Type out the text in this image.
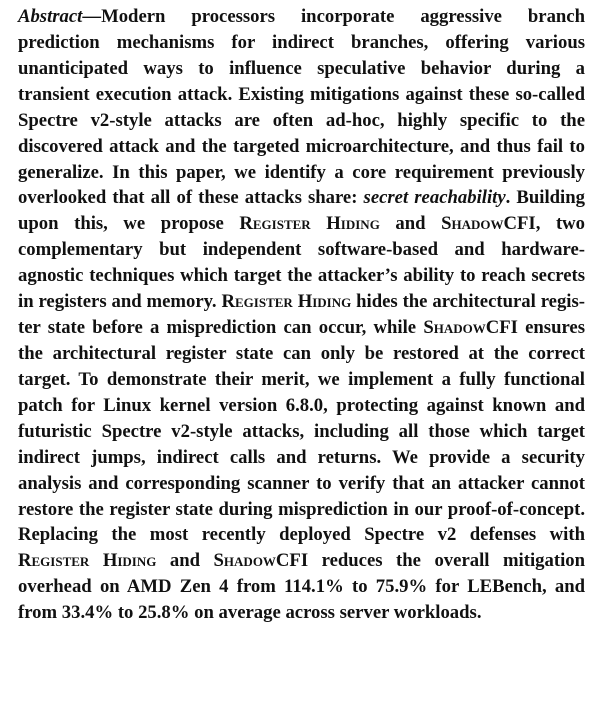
Abstract—Modern processors incorporate aggressive branch prediction mechanisms for indirect branches, offering various unanticipated ways to influence speculative behavior during a transient execution attack. Existing mitigations against these so-called Spectre v2-style attacks are often ad-hoc, highly specific to the discovered attack and the targeted microarchitecture, and thus fail to generalize. In this paper, we identify a core requirement previously overlooked that all of these attacks share: secret reachability. Building upon this, we propose Register Hiding and ShadowCFI, two complementary but independent software-based and hardware-agnostic techniques which target the attacker’s ability to reach secrets in registers and memory. Register Hiding hides the architectural register state before a misprediction can occur, while ShadowCFI ensures the architectural register state can only be restored at the correct target. To demonstrate their merit, we implement a fully functional patch for Linux kernel version 6.8.0, protecting against known and futuristic Spectre v2-style attacks, including all those which target indirect jumps, indirect calls and returns. We provide a security analysis and corresponding scanner to verify that an attacker cannot restore the register state during misprediction in our proof-of-concept. Replacing the most recently deployed Spectre v2 defenses with Register Hiding and ShadowCFI reduces the overall mitigation overhead on AMD Zen 4 from 114.1% to 75.9% for LEBench, and from 33.4% to 25.8% on average across server workloads.
